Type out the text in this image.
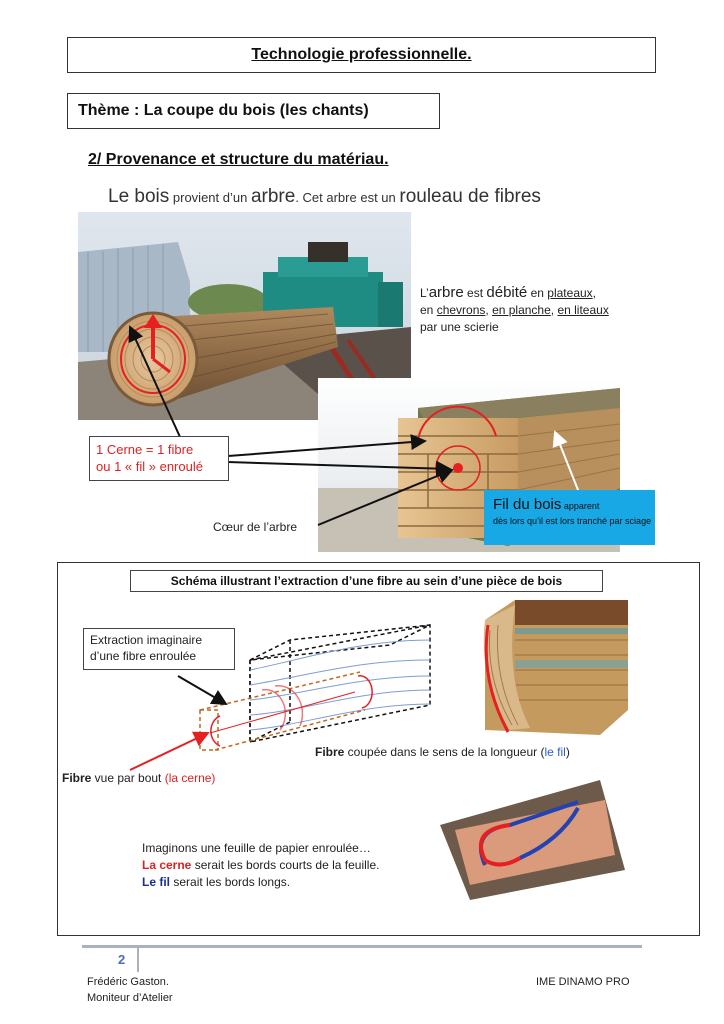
Technologie professionnelle.
Thème : La coupe du bois (les chants)
2/ Provenance et structure du matériau.
Le bois provient d’un arbre. Cet arbre est un rouleau de fibres
L’arbre est débité en plateaux,
en chevrons, en planche, en liteaux
par une scierie
1 Cerne = 1 fibre
ou 1 « fil » enroulé
Cœur de l’arbre
Fil du bois apparent
dès lors qu’il est lors tranché par sciage
Schéma illustrant l’extraction d’une fibre au sein d’une pièce de bois
Extraction imaginaire
d’une fibre enroulée
Fibre coupée dans le sens de la longueur (le fil)
Fibre vue par bout (la cerne)
Imaginons une feuille de papier enroulée…
La cerne serait les bords courts de la feuille.
Le fil serait les bords longs.
2
Frédéric Gaston.
Moniteur d’Atelier
IME DINAMO PRO
